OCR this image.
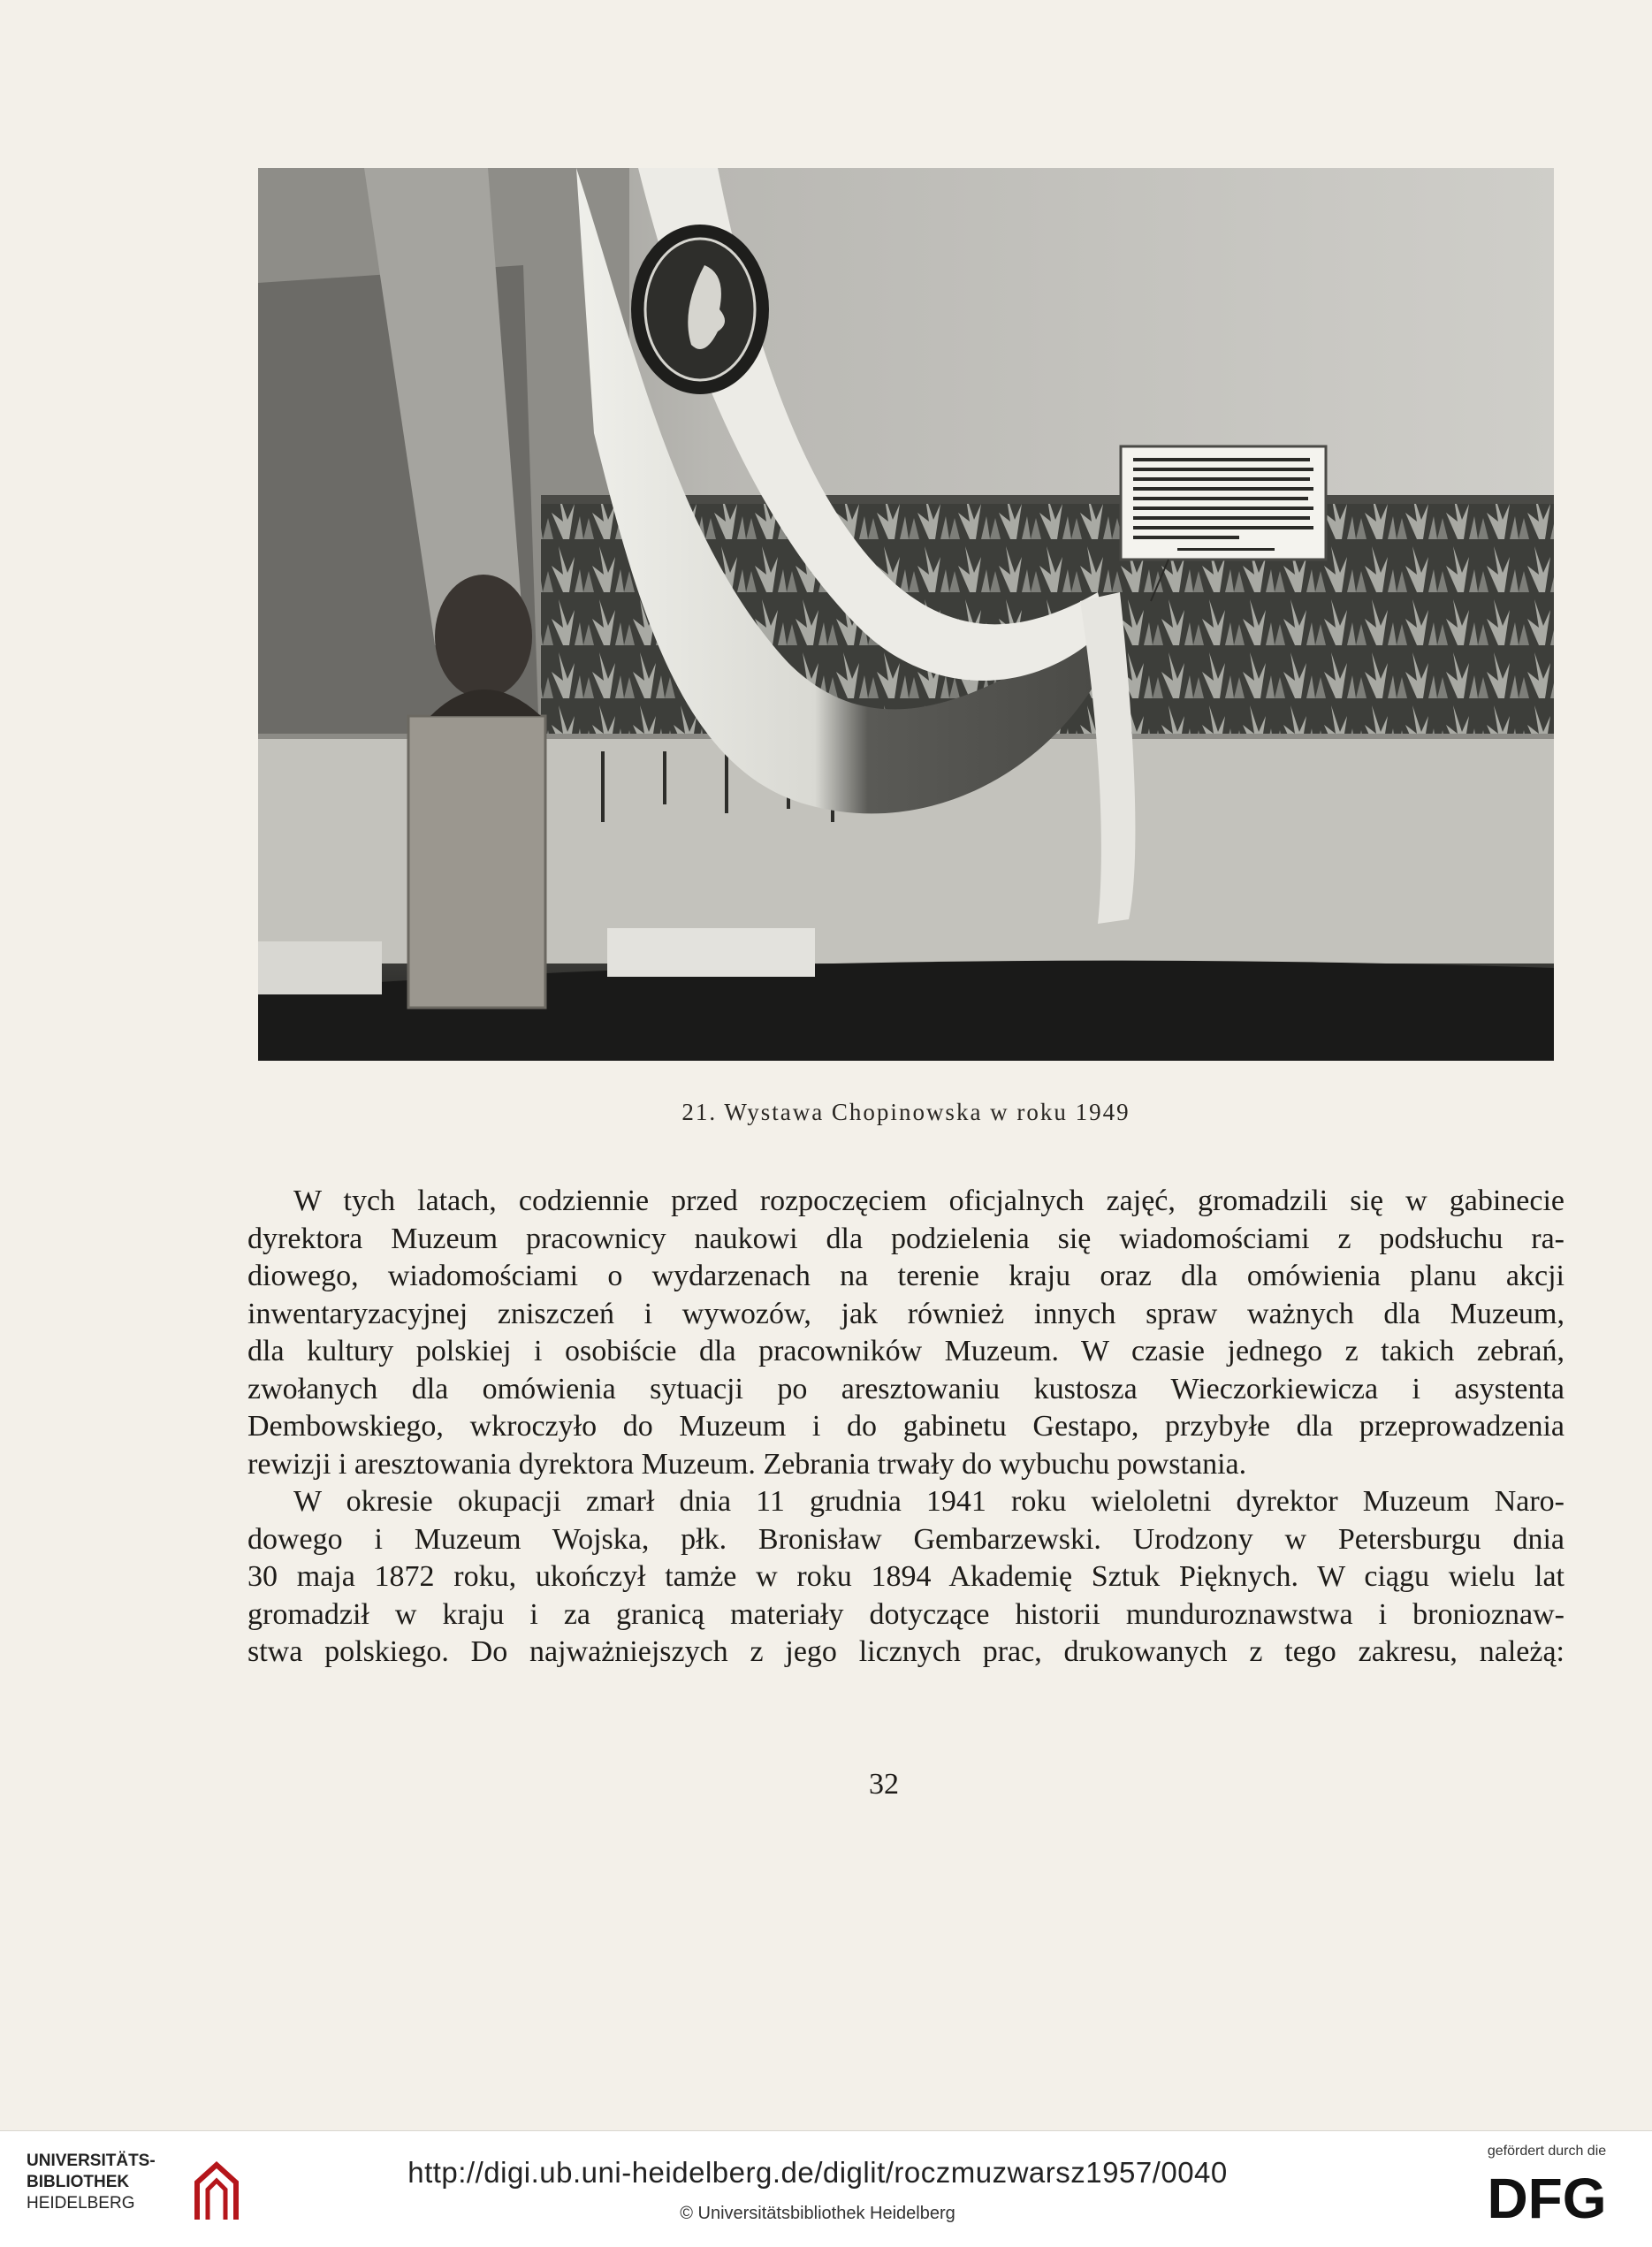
21. Wystawa Chopinowska w roku 1949

W tych latach, codziennie przed rozpoczęciem oficjalnych zajęć, gromadzili się w gabinecie

dyrektora Muzeum pracownicy naukowi dla podzielenia się wiadomościami z podsłuchu ra-

diowego, wiadomościami o wydarzenach na terenie kraju oraz dla omówienia planu akcji

inwentaryzacyjnej zniszczeń i wywozów, jak również innych spraw ważnych dla Muzeum,

dla kultury polskiej i osobiście dla pracowników Muzeum. W czasie jednego z takich zebrań,

zwołanych dla omówienia sytuacji po aresztowaniu kustosza Wieczorkiewicza i asystenta

Dembowskiego, wkroczyło do Muzeum i do gabinetu Gestapo, przybyłe dla przeprowadzenia

rewizji i aresztowania dyrektora Muzeum. Zebrania trwały do wybuchu powstania.

W okresie okupacji zmarł dnia 11 grudnia 1941 roku wieloletni dyrektor Muzeum Naro-

dowego i Muzeum Wojska, płk. Bronisław Gembarzewski. Urodzony w Petersburgu dnia

30 maja 1872 roku, ukończył tamże w roku 1894 Akademię Sztuk Pięknych. W ciągu wielu lat

gromadził w kraju i za granicą materiały dotyczące historii munduroznawstwa i bronioznaw-

stwa polskiego. Do najważniejszych z jego licznych prac, drukowanych z tego zakresu, należą:

32
UNIVERSITÄTS-
BIBLIOTHEK
HEIDELBERG
http://digi.ub.uni-heidelberg.de/diglit/roczmuzwarsz1957/0040
© Universitätsbibliothek Heidelberg
gefördert durch die
DFG
